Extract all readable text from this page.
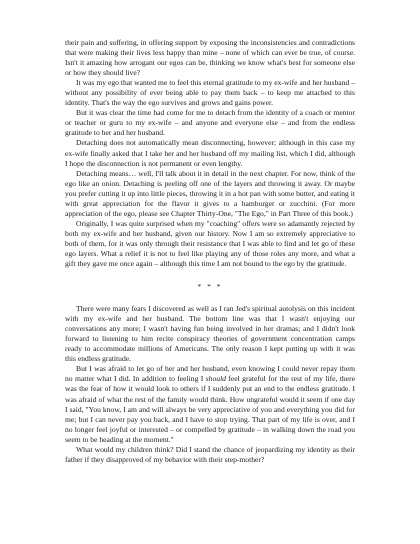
their pain and suffering, in offering support by exposing the inconsistencies and contradictions that were making their lives less happy than mine – none of which can ever be true, of course. Isn't it amazing how arrogant our egos can be, thinking we know what's best for someone else or how they should live?

It was my ego that wanted me to feel this eternal gratitude to my ex-wife and her husband – without any possibility of ever being able to pay them back – to keep me attached to this identity. That's the way the ego survives and grows and gains power.

But it was clear the time had come for me to detach from the identity of a coach or mentor or teacher or guru to my ex-wife – and anyone and everyone else – and from the endless gratitude to her and her husband.

Detaching does not automatically mean disconnecting, however; although in this case my ex-wife finally asked that I take her and her husband off my mailing list, which I did, although I hope the disconnection is not permanent or even lengthy.

Detaching means… well, I'll talk about it in detail in the next chapter. For now, think of the ego like an onion. Detaching is peeling off one of the layers and throwing it away. Or maybe you prefer cutting it up into little pieces, throwing it in a hot pan with some butter, and eating it with great appreciation for the flavor it gives to a hamburger or zucchini. (For more appreciation of the ego, please see Chapter Thirty-One, "The Ego," in Part Three of this book.)

Originally, I was quite surprised when my "coaching" offers were so adamantly rejected by both my ex-wife and her husband, given our history. Now I am so extremely appreciative to both of them, for it was only through their resistance that I was able to find and let go of these ego layers. What a relief it is not to feel like playing any of those roles any more, and what a gift they gave me once again – although this time I am not bound to the ego by the gratitude.

* * *

There were many fears I discovered as well as I ran Jed's spiritual autolysis on this incident with my ex-wife and her husband. The bottom line was that I wasn't enjoying our conversations any more; I wasn't having fun being involved in her dramas; and I didn't look forward to listening to him recite conspiracy theories of government concentration camps ready to accommodate millions of Americans. The only reason I kept putting up with it was this endless gratitude.

But I was afraid to let go of her and her husband, even knowing I could never repay them no matter what I did. In addition to feeling I should feel grateful for the rest of my life, there was the fear of how it would look to others if I suddenly put an end to the endless gratitude. I was afraid of what the rest of the family would think. How ungrateful would it seem if one day I said, "You know, I am and will always be very appreciative of you and everything you did for me; but I can never pay you back, and I have to stop trying. That part of my life is over, and I no longer feel joyful or interested – or compelled by gratitude – in walking down the road you seem to be heading at the moment."

What would my children think? Did I stand the chance of jeopardizing my identity as their father if they disapproved of my behavior with their step-mother?
